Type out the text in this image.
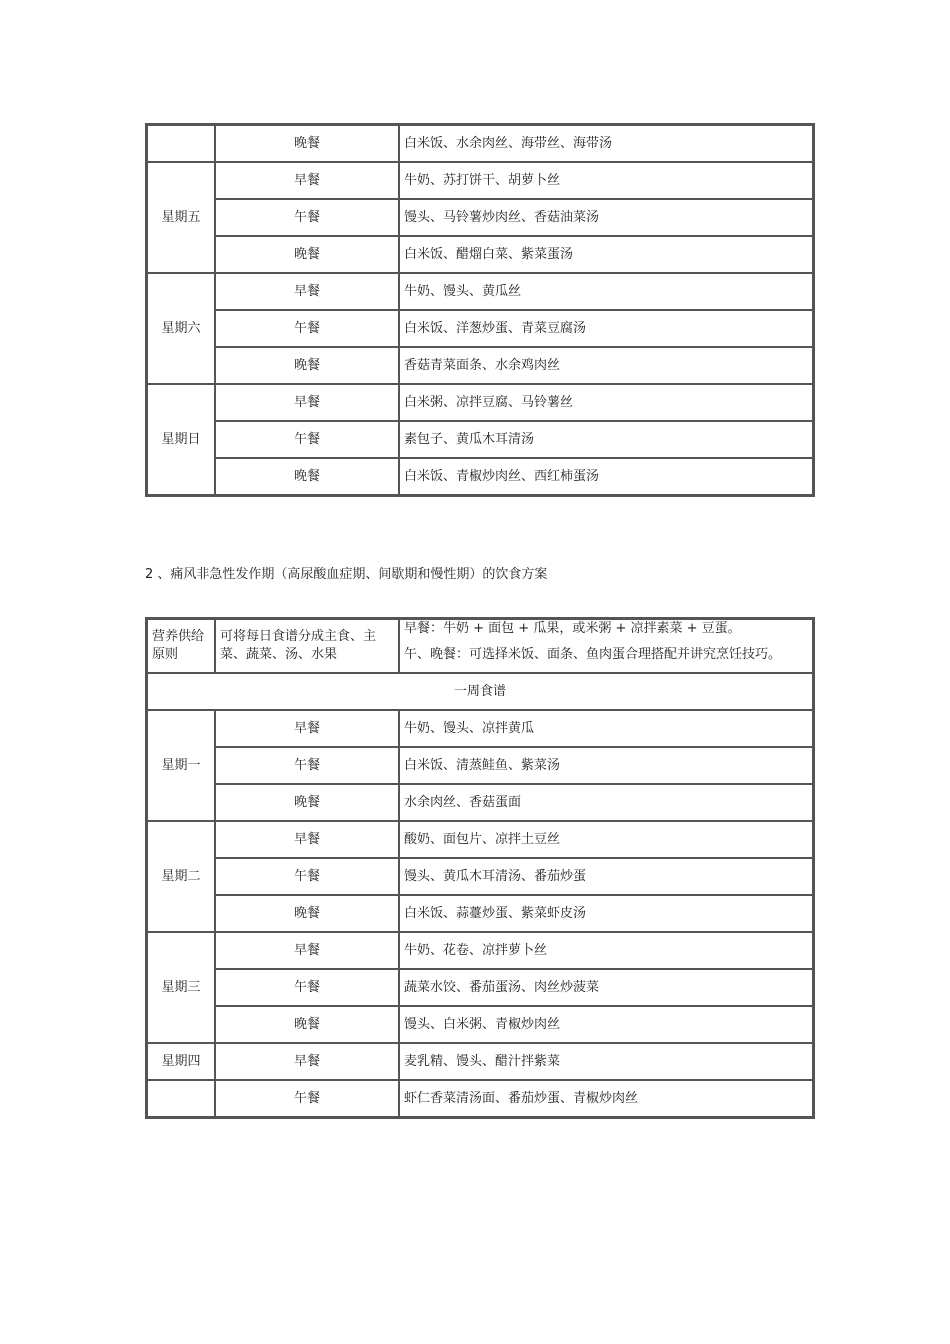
	晚餐	白米饭、水余肉丝、海带丝、海带汤
星期五	早餐	牛奶、苏打饼干、胡萝卜丝
	午餐	馒头、马铃薯炒肉丝、香菇油菜汤
	晚餐	白米饭、醋熘白菜、紫菜蛋汤
星期六	早餐	牛奶、馒头、黄瓜丝
	午餐	白米饭、洋葱炒蛋、青菜豆腐汤
	晚餐	香菇青菜面条、水余鸡肉丝
星期日	早餐	白米粥、凉拌豆腐、马铃薯丝
	午餐	素包子、黄瓜木耳清汤
	晚餐	白米饭、青椒炒肉丝、西红柿蛋汤
2 、痛风非急性发作期（高尿酸血症期、间歇期和慢性期）的饮食方案
营养供给原则	可将每日食谱分成主食、主菜、蔬菜、汤、水果	早餐：牛奶 + 面包 + 瓜果，或米粥 + 凉拌素菜 + 豆蛋。

午、晚餐：可选择米饭、面条、鱼肉蛋合理搭配并讲究烹饪技巧。

一周食谱		
星期一	早餐	牛奶、馒头、凉拌黄瓜
	午餐	白米饭、清蒸鲑鱼、紫菜汤
	晚餐	水余肉丝、香菇蛋面
星期二	早餐	酸奶、面包片、凉拌土豆丝
	午餐	馒头、黄瓜木耳清汤、番茄炒蛋
	晚餐	白米饭、蒜薹炒蛋、紫菜虾皮汤
星期三	早餐	牛奶、花卷、凉拌萝卜丝
	午餐	蔬菜水饺、番茄蛋汤、肉丝炒菠菜
	晚餐	馒头、白米粥、青椒炒肉丝
星期四	早餐	麦乳精、馒头、醋汁拌紫菜
	午餐	虾仁香菜清汤面、番茄炒蛋、青椒炒肉丝
